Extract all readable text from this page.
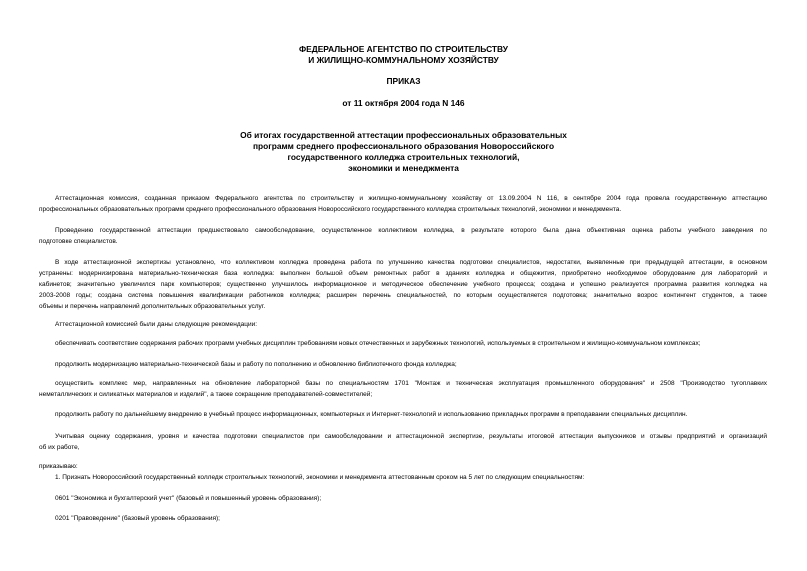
ФЕДЕРАЛЬНОЕ АГЕНТСТВО ПО СТРОИТЕЛЬСТВУ
И ЖИЛИЩНО-КОММУНАЛЬНОМУ ХОЗЯЙСТВУ
ПРИКАЗ
от 11 октября 2004 года N 146
Об итогах государственной аттестации профессиональных образовательных
программ среднего профессионального образования Новороссийского
государственного колледжа строительных технологий,
экономики и менеджмента
Аттестационная комиссия, созданная приказом Федерального агентства по строительству и жилищно-коммунальному хозяйству от 13.09.2004 N 116, в сентябре 2004 года провела государственную аттестацию
профессиональных образовательных программ среднего профессионального образования Новороссийского государственного колледжа строительных технологий, экономики и менеджмента.
Проведению государственной аттестации предшествовало самообследование, осуществленное коллективом колледжа, в результате которого была дана объективная оценка работы учебного заведения по
подготовке специалистов.
В ходе аттестационной экспертизы установлено, что коллективом колледжа проведена работа по улучшению качества подготовки специалистов, недостатки, выявленные при предыдущей аттестации, в основном
устранены: модернизирована материально-техническая база колледжа: выполнен большой объем ремонтных работ в зданиях колледжа и общежития, приобретено необходимое оборудование для лабораторий и
кабинетов; значительно увеличился парк компьютеров; существенно улучшилось информационное и методическое обеспечение учебного процесса; создана и успешно реализуется программа развития колледжа на
2003-2008 годы; создана система повышения квалификации работников колледжа; расширен перечень специальностей, по которым осуществляется подготовка; значительно возрос контингент студентов, а также
объемы и перечень направлений дополнительных образовательных услуг.
Аттестационной комиссией были даны следующие рекомендации:
обеспечивать соответствие содержания рабочих программ учебных дисциплин требованиям новых отечественных и зарубежных технологий, используемых в строительном и жилищно-коммунальном комплексах;
продолжить модернизацию материально-технической базы и работу по пополнению и обновлению библиотечного фонда колледжа;
осуществить комплекс мер, направленных на обновление лабораторной базы по специальностям 1701 "Монтаж и техническая эксплуатация промышленного оборудования" и 2508 "Производство тугоплавких
неметаллических и силикатных материалов и изделий", а также сокращение преподавателей-совместителей;
продолжить работу по дальнейшему внедрению в учебный процесс информационных, компьютерных и Интернет-технологий и использованию прикладных программ в преподавании специальных дисциплин.
Учитывая оценку содержания, уровня и качества подготовки специалистов при самообследовании и аттестационной экспертизе, результаты итоговой аттестации выпускников и отзывы предприятий и организаций
об их работе,
приказываю:
1. Признать Новороссийский государственный колледж строительных технологий, экономики и менеджмента аттестованным сроком на 5 лет по следующим специальностям:
0601 "Экономика и бухгалтерский учет" (базовый и повышенный уровень образования);
0201 "Правоведение" (базовый уровень образования);
